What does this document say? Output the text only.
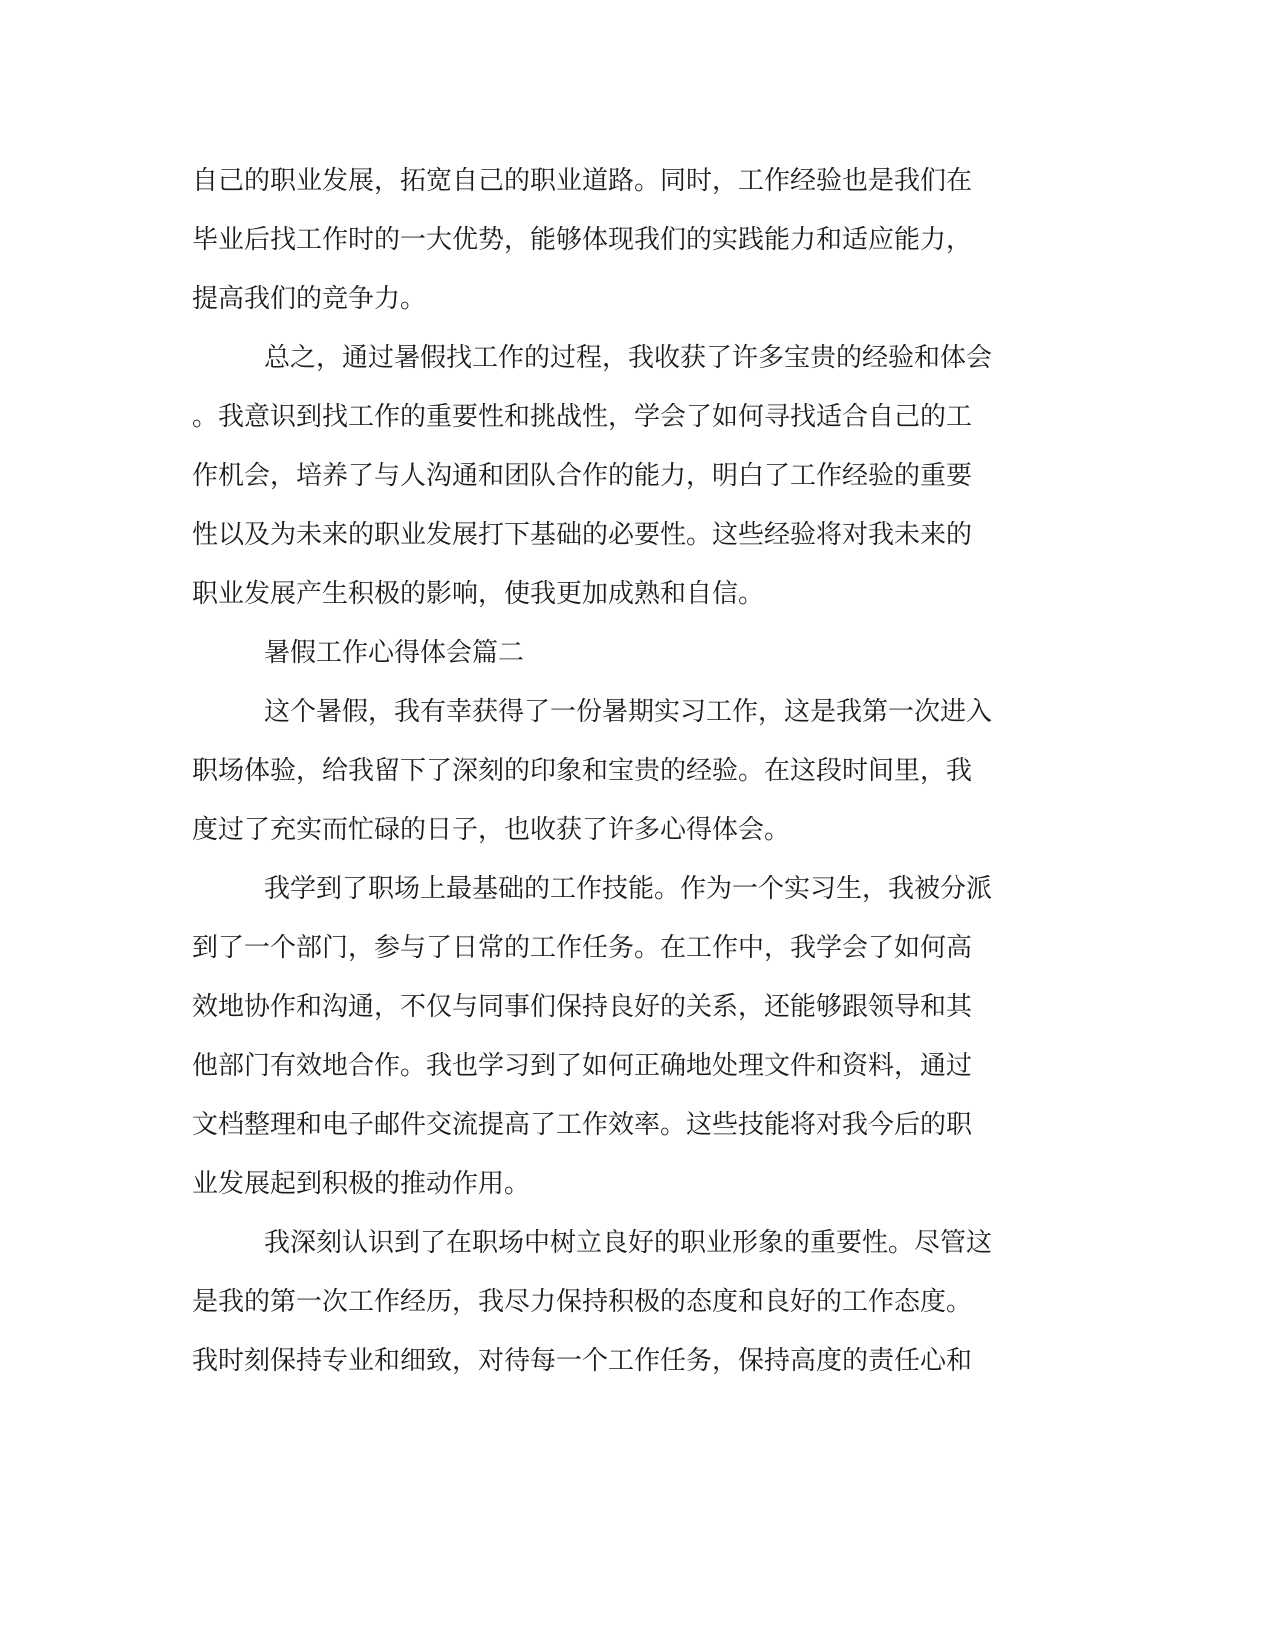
自己的职业发展，拓宽自己的职业道路。同时，工作经验也是我们在
毕业后找工作时的一大优势，能够体现我们的实践能力和适应能力，
提高我们的竞争力。
总之，通过暑假找工作的过程，我收获了许多宝贵的经验和体会
。我意识到找工作的重要性和挑战性，学会了如何寻找适合自己的工
作机会，培养了与人沟通和团队合作的能力，明白了工作经验的重要
性以及为未来的职业发展打下基础的必要性。这些经验将对我未来的
职业发展产生积极的影响，使我更加成熟和自信。
暑假工作心得体会篇二
这个暑假，我有幸获得了一份暑期实习工作，这是我第一次进入
职场体验，给我留下了深刻的印象和宝贵的经验。在这段时间里，我
度过了充实而忙碌的日子，也收获了许多心得体会。
我学到了职场上最基础的工作技能。作为一个实习生，我被分派
到了一个部门，参与了日常的工作任务。在工作中，我学会了如何高
效地协作和沟通，不仅与同事们保持良好的关系，还能够跟领导和其
他部门有效地合作。我也学习到了如何正确地处理文件和资料，通过
文档整理和电子邮件交流提高了工作效率。这些技能将对我今后的职
业发展起到积极的推动作用。
我深刻认识到了在职场中树立良好的职业形象的重要性。尽管这
是我的第一次工作经历，我尽力保持积极的态度和良好的工作态度。
我时刻保持专业和细致，对待每一个工作任务，保持高度的责任心和
